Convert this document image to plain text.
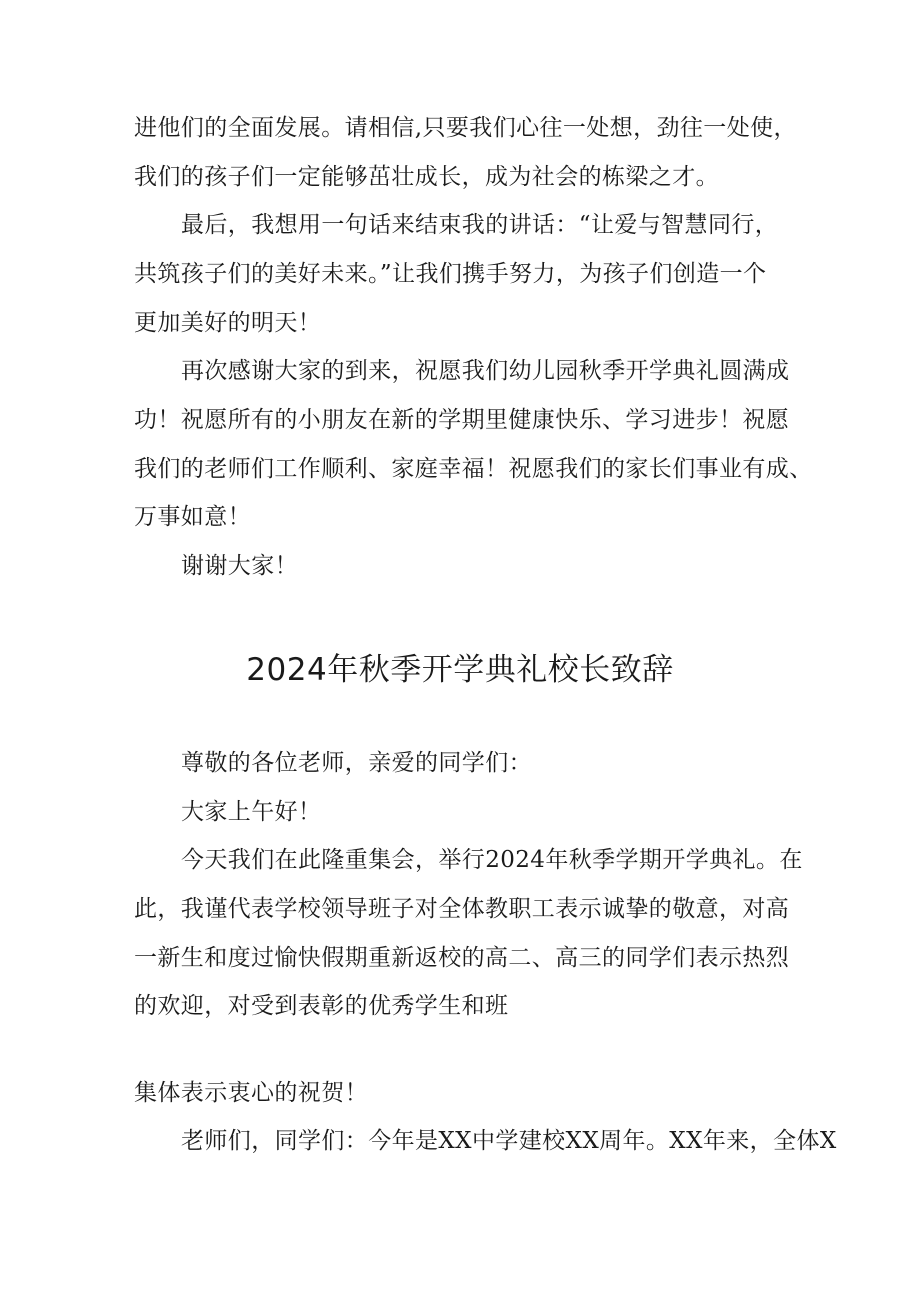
进他们的全面发展。请相信,只要我们心往一处想，劲往一处使，
我们的孩子们一定能够茁壮成长，成为社会的栋梁之才。
最后，我想用一句话来结束我的讲话：“让爱与智慧同行，
共筑孩子们的美好未来。”让我们携手努力，为孩子们创造一个
更加美好的明天！
再次感谢大家的到来，祝愿我们幼儿园秋季开学典礼圆满成
功！祝愿所有的小朋友在新的学期里健康快乐、学习进步！祝愿
我们的老师们工作顺利、家庭幸福！祝愿我们的家长们事业有成、
万事如意！
谢谢大家！
2024年秋季开学典礼校长致辞
尊敬的各位老师，亲爱的同学们：
大家上午好！
今天我们在此隆重集会，举行2024年秋季学期开学典礼。在
此，我谨代表学校领导班子对全体教职工表示诚挚的敬意，对高
一新生和度过愉快假期重新返校的高二、高三的同学们表示热烈
的欢迎，对受到表彰的优秀学生和班
集体表示衷心的祝贺！
老师们，同学们：今年是XX中学建校XX周年。XX年来，全体X
